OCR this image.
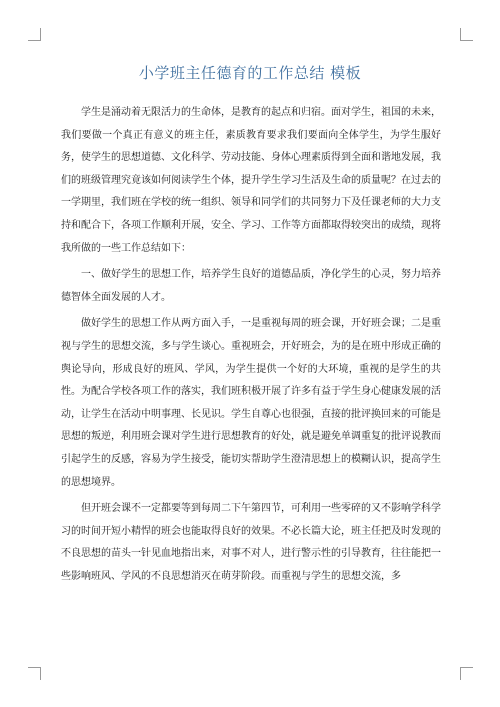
小学班主任德育的工作总结 模板

学生是涌动着无限活力的生命体，是教育的起点和归宿。面对学生，祖国的未来，我们要做一个真正有意义的班主任，素质教育要求我们要面向全体学生，为学生服好务，使学生的思想道德、文化科学、劳动技能、身体心理素质得到全面和谐地发展，我们的班级管理究竟该如何阅读学生个体，提升学生学习生活及生命的质量呢？在过去的一学期里，我们班在学校的统一组织、领导和同学们的共同努力下及任课老师的大力支持和配合下，各项工作顺利开展，安全、学习、工作等方面都取得较突出的成绩，现将我所做的一些工作总结如下：

一、做好学生的思想工作，培养学生良好的道德品质，净化学生的心灵，努力培养德智体全面发展的人才。

做好学生的思想工作从两方面入手，一是重视每周的班会课，开好班会课；二是重视与学生的思想交流，多与学生谈心。重视班会，开好班会，为的是在班中形成正确的舆论导向，形成良好的班风、学风，为学生提供一个好的大环境，重视的是学生的共性。为配合学校各项工作的落实，我们班积极开展了许多有益于学生身心健康发展的活动，让学生在活动中明事理、长见识。学生自尊心也很强，直接的批评换回来的可能是思想的叛逆，利用班会课对学生进行思想教育的好处，就是避免单调重复的批评说教而引起学生的反感，容易为学生接受，能切实帮助学生澄清思想上的模糊认识，提高学生的思想境界。

但开班会课不一定都要等到每周二下午第四节，可利用一些零碎的又不影响学科学习的时间开短小精悍的班会也能取得良好的效果。不必长篇大论，班主任把及时发现的不良思想的苗头一针见血地指出来，对事不对人，进行警示性的引导教育，往往能把一些影响班风、学风的不良思想消灭在萌芽阶段。而重视与学生的思想交流，多
